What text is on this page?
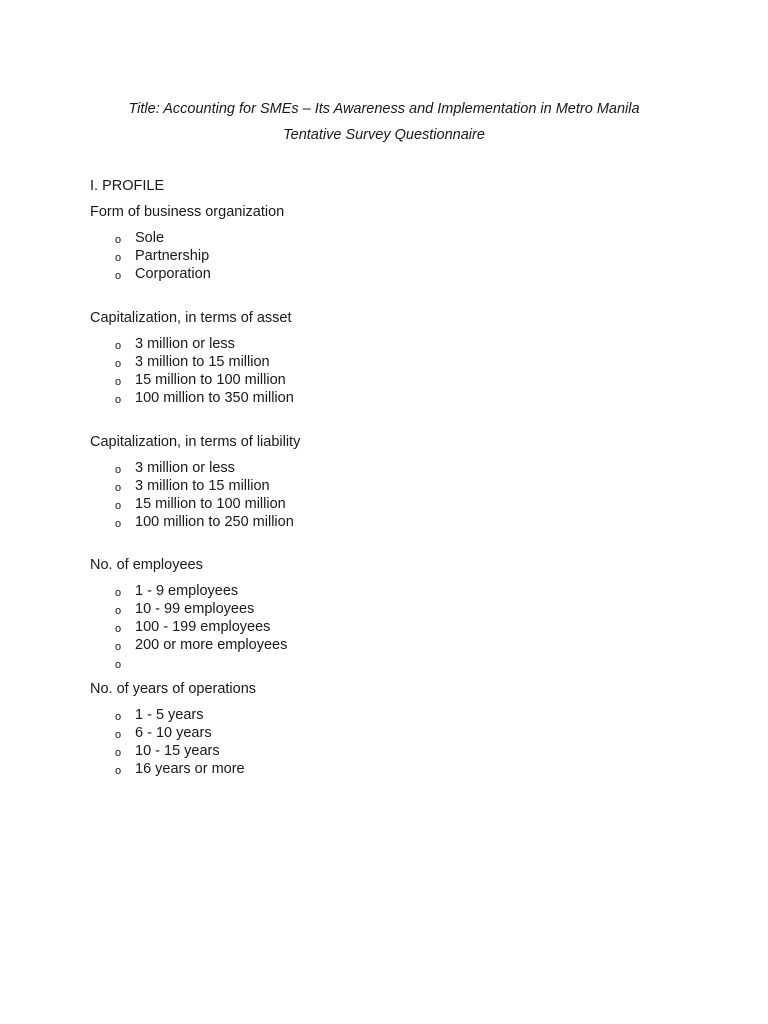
Title: Accounting for SMEs – Its Awareness and Implementation in Metro Manila
Tentative Survey Questionnaire
I. PROFILE
Form of business organization
o Sole
o Partnership
o Corporation
Capitalization, in terms of asset
o 3 million or less
o 3 million to 15 million
o 15 million to 100 million
o 100 million to 350 million
Capitalization, in terms of liability
o 3 million or less
o 3 million to 15 million
o 15 million to 100 million
o 100 million to 250 million
No. of employees
o 1 - 9 employees
o 10 - 99 employees
o 100 - 199 employees
o 200 or more employees
o
No. of years of operations
o 1 - 5 years
o 6 - 10 years
o 10 - 15 years
o 16 years or more
